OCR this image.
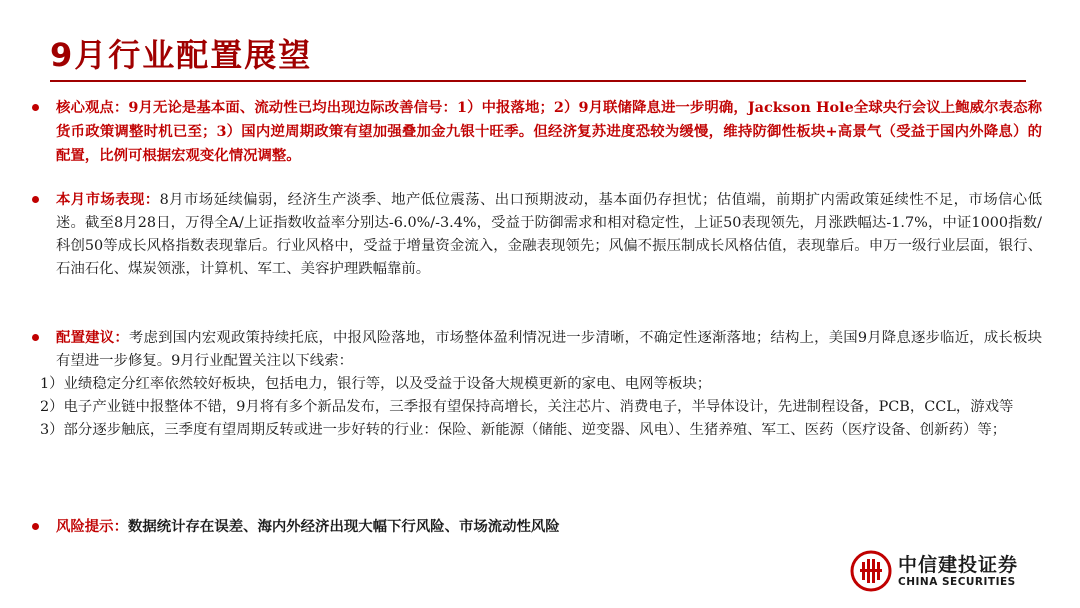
9月行业配置展望
核心观点：9月无论是基本面、流动性已均出现边际改善信号：1）中报落地；2）9月联储降息进一步明确，Jackson Hole全球央行会议上鲍威尔表态称货币政策调整时机已至；3）国内逆周期政策有望加强叠加金九银十旺季。但经济复苏进度恐较为缓慢，维持防御性板块+高景气（受益于国内外降息）的配置，比例可根据宏观变化情况调整。
本月市场表现：8月市场延续偏弱，经济生产淡季、地产低位震荡、出口预期波动，基本面仍存担忧；估值端，前期扩内需政策延续性不足，市场信心低迷。截至8月28日，万得全A/上证指数收益率分别达-6.0%/-3.4%，受益于防御需求和相对稳定性，上证50表现领先，月涨跌幅达-1.7%，中证1000指数/科创50等成长风格指数表现靠后。行业风格中，受益于增量资金流入，金融表现领先；风偏不振压制成长风格估值，表现靠后。申万一级行业层面，银行、石油石化、煤炭领涨，计算机、军工、美容护理跌幅靠前。
配置建议：考虑到国内宏观政策持续托底，中报风险落地，市场整体盈利情况进一步清晰，不确定性逐渐落地；结构上，美国9月降息逐步临近，成长板块有望进一步修复。9月行业配置关注以下线索：
1）业绩稳定分红率依然较好板块，包括电力，银行等，以及受益于设备大规模更新的家电、电网等板块；
2）电子产业链中报整体不错，9月将有多个新品发布，三季报有望保持高增长，关注芯片、消费电子，半导体设计，先进制程设备，PCB，CCL，游戏等
3）部分逐步触底，三季度有望周期反转或进一步好转的行业：保险、新能源（储能、逆变器、风电）、生猪养殖、军工、医药（医疗设备、创新药）等；
风险提示：数据统计存在误差、海内外经济出现大幅下行风险、市场流动性风险
中信建投证券
CHINA SECURITIES
